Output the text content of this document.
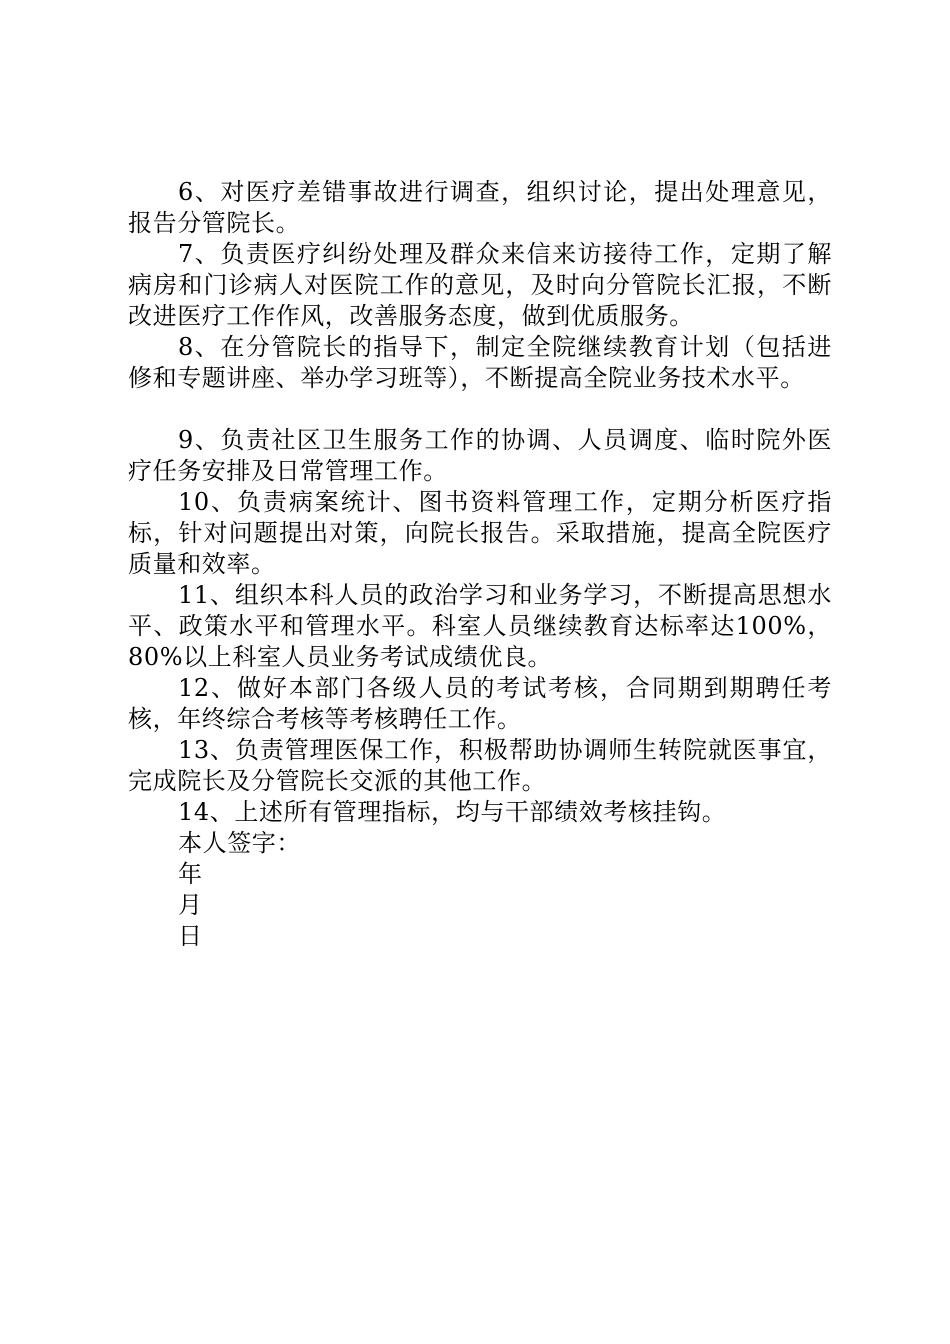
6、对医疗差错事故进行调查，组织讨论，提出处理意见，报告分管院长。

7、负责医疗纠纷处理及群众来信来访接待工作，定期了解病房和门诊病人对医院工作的意见，及时向分管院长汇报，不断改进医疗工作作风，改善服务态度，做到优质服务。

8、在分管院长的指导下，制定全院继续教育计划（包括进修和专题讲座、举办学习班等），不断提高全院业务技术水平。

9、负责社区卫生服务工作的协调、人员调度、临时院外医疗任务安排及日常管理工作。

10、负责病案统计、图书资料管理工作，定期分析医疗指标，针对问题提出对策，向院长报告。采取措施，提高全院医疗质量和效率。

11、组织本科人员的政治学习和业务学习，不断提高思想水平、政策水平和管理水平。科室人员继续教育达标率达100%，80%以上科室人员业务考试成绩优良。

12、做好本部门各级人员的考试考核，合同期到期聘任考核，年终综合考核等考核聘任工作。

13、负责管理医保工作，积极帮助协调师生转院就医事宜，完成院长及分管院长交派的其他工作。

14、上述所有管理指标，均与干部绩效考核挂钩。

本人签字：

年

月

日
